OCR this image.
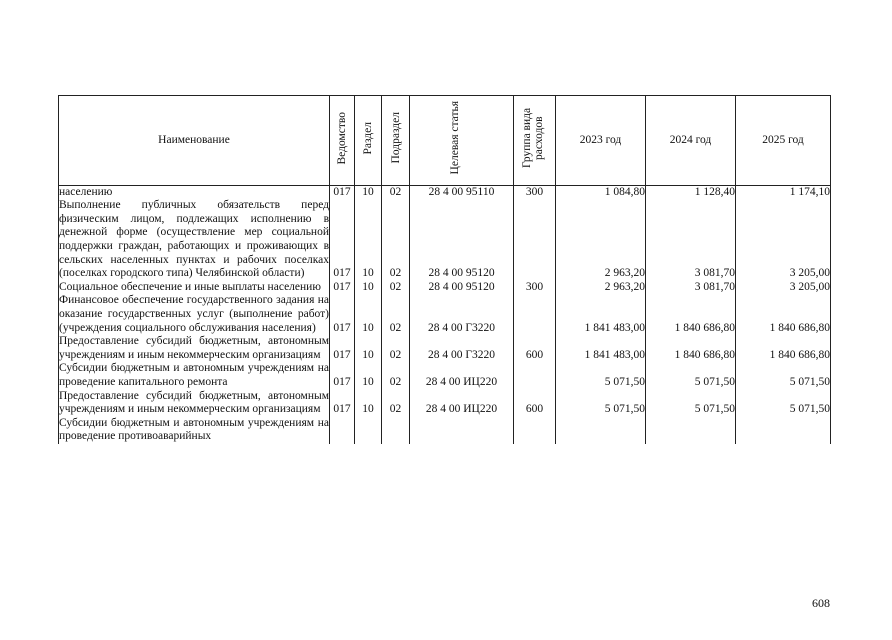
Наименование	Ведомство	Раздел	Подраздел	Целевая статья	Группа вида расходов	2023 год	2024 год	2025 год
населению	017	10	02	28 4 00 95110	300	1 084,80	1 128,40	1 174,10
Выполнение публичных обязательств перед физическим лицом, подлежащих исполнению в денежной форме (осуществление мер социальной поддержки граждан, работающих и проживающих в сельских населенных пунктах и рабочих поселках (поселках городского типа) Челябинской области)	017	10	02	28 4 00 95120		2 963,20	3 081,70	3 205,00
Социальное обеспечение и иные выплаты населению	017	10	02	28 4 00 95120	300	2 963,20	3 081,70	3 205,00
Финансовое обеспечение государственного задания на оказание государственных услуг (выполнение работ) (учреждения социального обслуживания населения)	017	10	02	28 4 00 Г3220		1 841 483,00	1 840 686,80	1 840 686,80
Предоставление субсидий бюджетным, автономным учреждениям и иным некоммерческим организациям	017	10	02	28 4 00 Г3220	600	1 841 483,00	1 840 686,80	1 840 686,80
Субсидии бюджетным и автономным учреждениям на проведение капитального ремонта	017	10	02	28 4 00 ИЦ220		5 071,50	5 071,50	5 071,50
Предоставление субсидий бюджетным, автономным учреждениям и иным некоммерческим организациям	017	10	02	28 4 00 ИЦ220	600	5 071,50	5 071,50	5 071,50
Субсидии бюджетным и автономным учреждениям на проведение противоаварийных								
608
